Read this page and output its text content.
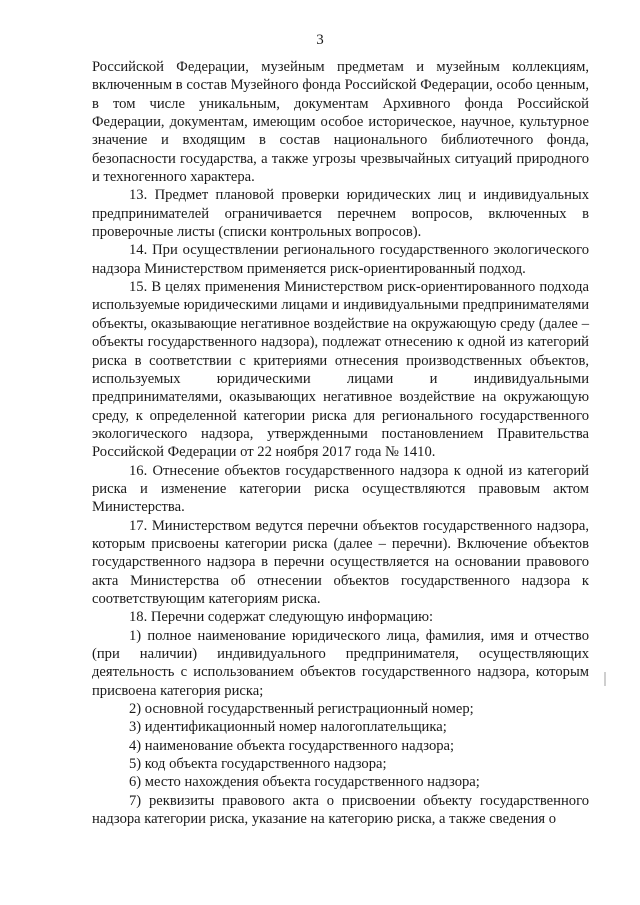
3

Российской Федерации, музейным предметам и музейным коллекциям, включенным в состав Музейного фонда Российской Федерации, особо ценным, в том числе уникальным, документам Архивного фонда Российской Федерации, документам, имеющим особое историческое, научное, культурное значение и входящим в состав национального библиотечного фонда, безопасности государства, а также угрозы чрезвычайных ситуаций природного и техногенного характера.

13. Предмет плановой проверки юридических лиц и индивидуальных предпринимателей ограничивается перечнем вопросов, включенных в проверочные листы (списки контрольных вопросов).

14. При осуществлении регионального государственного экологического надзора Министерством применяется риск-ориентированный подход.

15. В целях применения Министерством риск-ориентированного подхода используемые юридическими лицами и индивидуальными предпринимателями объекты, оказывающие негативное воздействие на окружающую среду (далее – объекты государственного надзора), подлежат отнесению к одной из категорий риска в соответствии с критериями отнесения производственных объектов, используемых юридическими лицами и индивидуальными предпринимателями, оказывающих негативное воздействие на окружающую среду, к определенной категории риска для регионального государственного экологического надзора, утвержденными постановлением Правительства Российской Федерации от 22 ноября 2017 года № 1410.

16. Отнесение объектов государственного надзора к одной из категорий риска и изменение категории риска осуществляются правовым актом Министерства.

17. Министерством ведутся перечни объектов государственного надзора, которым присвоены категории риска (далее – перечни). Включение объектов государственного надзора в перечни осуществляется на основании правового акта Министерства об отнесении объектов государственного надзора к соответствующим категориям риска.

18. Перечни содержат следующую информацию:

1) полное наименование юридического лица, фамилия, имя и отчество (при наличии) индивидуального предпринимателя, осуществляющих деятельность с использованием объектов государственного надзора, которым присвоена категория риска;

2) основной государственный регистрационный номер;

3) идентификационный номер налогоплательщика;

4) наименование объекта государственного надзора;

5) код объекта государственного надзора;

6) место нахождения объекта государственного надзора;

7) реквизиты правового акта о присвоении объекту государственного надзора категории риска, указание на категорию риска, а также сведения о
